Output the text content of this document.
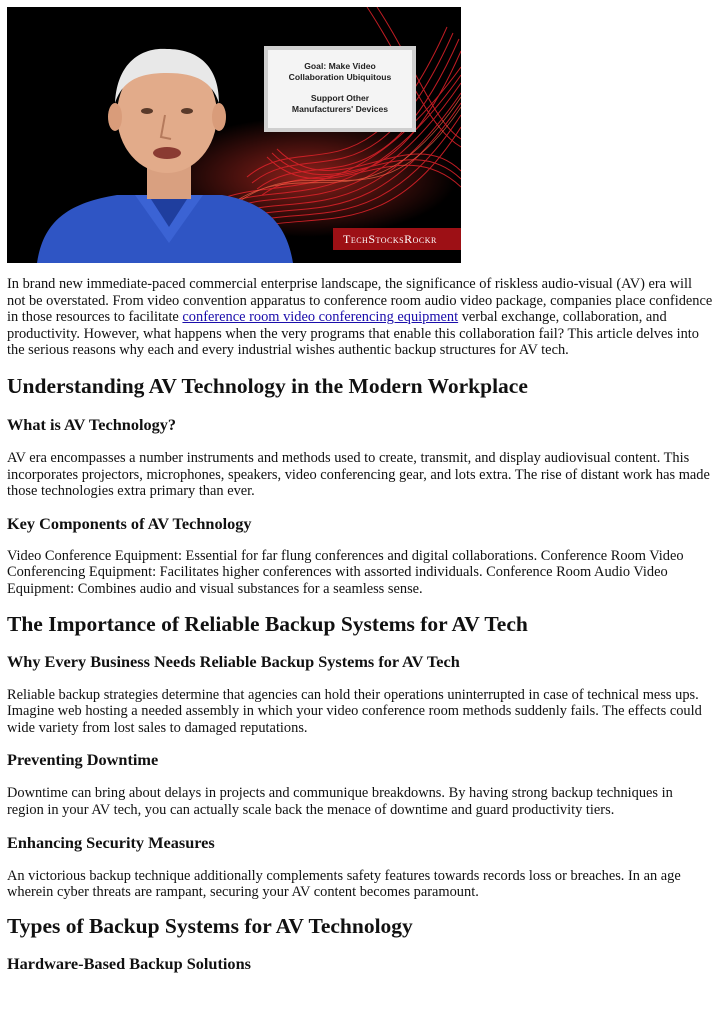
Goal: Make Video
Collaboration Ubiquitous
Support Other
Manufacturers' Devices
TechStocksRockr

In brand new immediate-paced commercial enterprise landscape, the significance of riskless audio-visual (AV) era will not be overstated. From video convention apparatus to conference room audio video package, companies place confidence in those resources to facilitate conference room video conferencing equipment verbal exchange, collaboration, and productivity. However, what happens when the very programs that enable this collaboration fail? This article delves into the serious reasons why each and every industrial wishes authentic backup structures for AV tech.

Understanding AV Technology in the Modern Workplace
What is AV Technology?

AV era encompasses a number instruments and methods used to create, transmit, and display audiovisual content. This incorporates projectors, microphones, speakers, video conferencing gear, and lots extra. The rise of distant work has made those technologies extra primary than ever.

Key Components of AV Technology

Video Conference Equipment: Essential for far flung conferences and digital collaborations. Conference Room Video Conferencing Equipment: Facilitates higher conferences with assorted individuals. Conference Room Audio Video Equipment: Combines audio and visual substances for a seamless sense.

The Importance of Reliable Backup Systems for AV Tech
Why Every Business Needs Reliable Backup Systems for AV Tech

Reliable backup strategies determine that agencies can hold their operations uninterrupted in case of technical mess ups. Imagine web hosting a needed assembly in which your video conference room methods suddenly fails. The effects could wide variety from lost sales to damaged reputations.

Preventing Downtime

Downtime can bring about delays in projects and communique breakdowns. By having strong backup techniques in region in your AV tech, you can actually scale back the menace of downtime and guard productivity tiers.

Enhancing Security Measures

An victorious backup technique additionally complements safety features towards records loss or breaches. In an age wherein cyber threats are rampant, securing your AV content becomes paramount.

Types of Backup Systems for AV Technology
Hardware-Based Backup Solutions
